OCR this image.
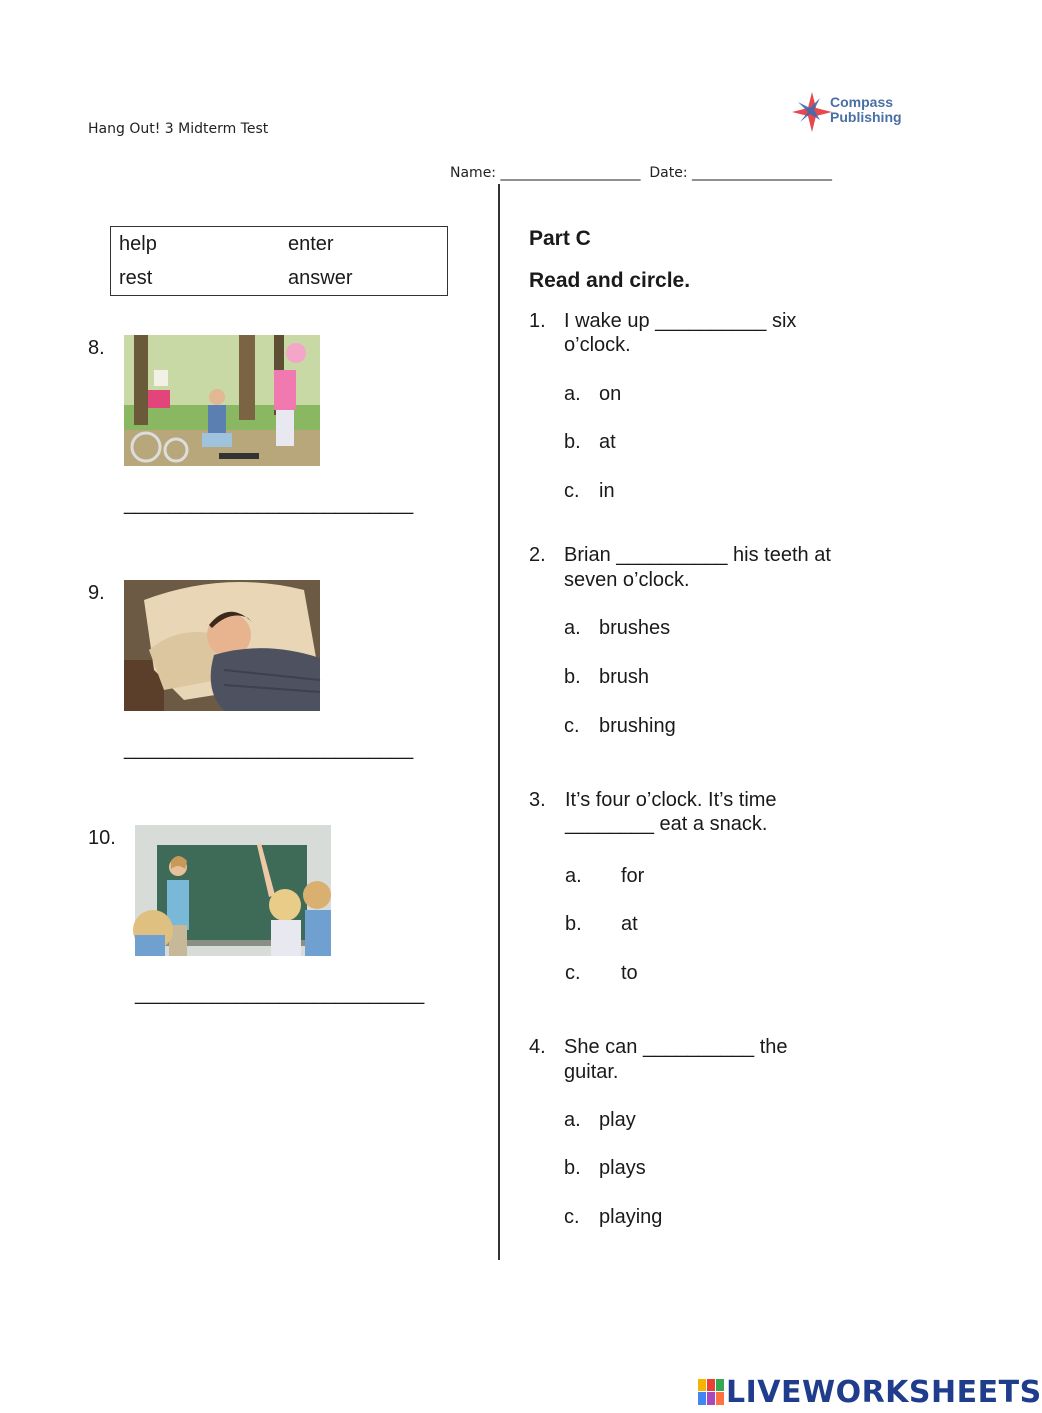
Hang Out! 3 Midterm Test
Compass
Publishing
Name: ____________________ Date: ____________________
help	enter
rest	answer
8.
__________________________
9.
__________________________
10.
__________________________
Part C
Read and circle.
1. I wake up __________ six
o’clock.
a. on
b. at
c. in
2. Brian __________ his teeth at
seven o’clock.
a. brushes
b. brush
c. brushing
3. It’s four o’clock. It’s time
________ eat a snack.
a. for
b. at
c. to
4. She can __________ the
guitar.
a. play
b. plays
c. playing
LIVEWORKSHEETS
